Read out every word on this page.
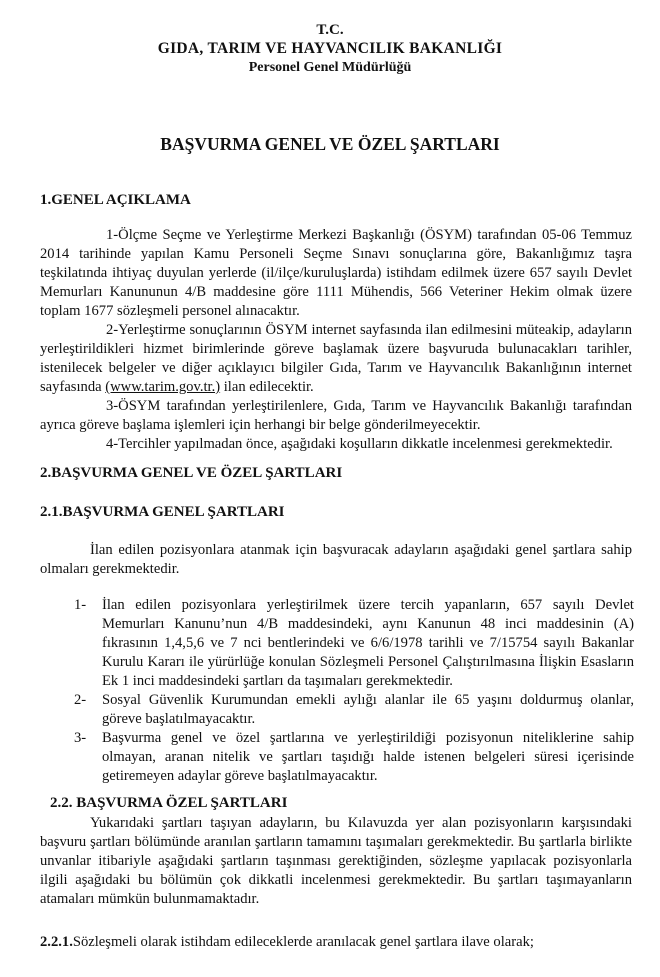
T.C.
GIDA, TARIM VE HAYVANCILIK BAKANLIĞI
Personel Genel Müdürlüğü
BAŞVURMA GENEL VE ÖZEL ŞARTLARI
1.GENEL AÇIKLAMA

1-Ölçme Seçme ve Yerleştirme Merkezi Başkanlığı (ÖSYM) tarafından 05-06 Temmuz 2014 tarihinde yapılan Kamu Personeli Seçme Sınavı sonuçlarına göre, Bakanlığımız taşra teşkilatında ihtiyaç duyulan yerlerde (il/ilçe/kuruluşlarda) istihdam edilmek üzere 657 sayılı Devlet Memurları Kanununun 4/B maddesine göre 1111 Mühendis, 566 Veteriner Hekim olmak üzere toplam 1677 sözleşmeli personel alınacaktır.

2-Yerleştirme sonuçlarının ÖSYM internet sayfasında ilan edilmesini müteakip, adayların yerleştirildikleri hizmet birimlerinde göreve başlamak üzere başvuruda bulunacakları tarihler, istenilecek belgeler ve diğer açıklayıcı bilgiler Gıda, Tarım ve Hayvancılık Bakanlığının internet sayfasında (www.tarim.gov.tr.) ilan edilecektir.

3-ÖSYM tarafından yerleştirilenlere, Gıda, Tarım ve Hayvancılık Bakanlığı tarafından ayrıca göreve başlama işlemleri için herhangi bir belge gönderilmeyecektir.

4-Tercihler yapılmadan önce, aşağıdaki koşulların dikkatle incelenmesi gerekmektedir.

2.BAŞVURMA GENEL VE ÖZEL ŞARTLARI
2.1.BAŞVURMA GENEL ŞARTLARI

İlan edilen pozisyonlara atanmak için başvuracak adayların aşağıdaki genel şartlara sahip olmaları gerekmektedir.

1- İlan edilen pozisyonlara yerleştirilmek üzere tercih yapanların, 657 sayılı Devlet Memurları Kanunu’nun 4/B maddesindeki, aynı Kanunun 48 inci maddesinin (A) fıkrasının 1,4,5,6 ve 7 nci bentlerindeki ve 6/6/1978 tarihli ve 7/15754 sayılı Bakanlar Kurulu Kararı ile yürürlüğe konulan Sözleşmeli Personel Çalıştırılmasına İlişkin Esasların Ek 1 inci maddesindeki şartları da taşımaları gerekmektedir.
2- Sosyal Güvenlik Kurumundan emekli aylığı alanlar ile 65 yaşını doldurmuş olanlar, göreve başlatılmayacaktır.
3- Başvurma genel ve özel şartlarına ve yerleştirildiği pozisyonun niteliklerine sahip olmayan, aranan nitelik ve şartları taşıdığı halde istenen belgeleri süresi içerisinde getiremeyen adaylar göreve başlatılmayacaktır.
2.2. BAŞVURMA ÖZEL ŞARTLARI

Yukarıdaki şartları taşıyan adayların, bu Kılavuzda yer alan pozisyonların karşısındaki başvuru şartları bölümünde aranılan şartların tamamını taşımaları gerekmektedir. Bu şartlarla birlikte unvanlar itibariyle aşağıdaki şartların taşınması gerektiğinden, sözleşme yapılacak pozisyonlarla ilgili aşağıdaki bu bölümün çok dikkatli incelenmesi gerekmektedir. Bu şartları taşımayanların atamaları mümkün bulunmamaktadır.

2.2.1.Sözleşmeli olarak istihdam edileceklerde aranılacak genel şartlara ilave olarak;
